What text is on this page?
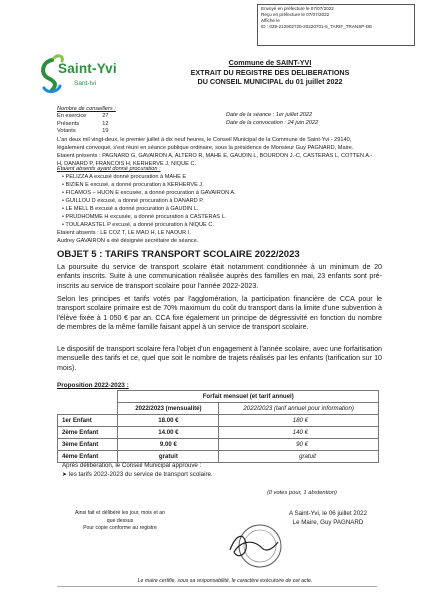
Envoyé en préfecture le 07/07/2022
Reçu en préfecture le 07/07/2022
Affiché le
ID : 029-212902720-20220701-5_TARIF_TRANSP-DE
Saint-Yvi
Sant-Ivi
Commune de SAINT-YVI
EXTRAIT DU REGISTRE DES DELIBERATIONS
DU CONSEIL MUNICIPAL du 01 juillet 2022
Nombre de conseillers :
En exercice	27
Présents	12
Votants	19
Date de la séance : 1er juillet 2022
Date de la convocation : 24 juin 2022
L'an deux mil vingt-deux, le premier juillet à dix neuf heures, le Conseil Municipal de la Commune de Saint-Yvi - 29140, légalement convoqué, s'est réuni en séance publique ordinaire, sous la présidence de Monsieur Guy PAGNARD, Maire.
Etaient présents : PAGNARD G, GAVAIRON A, ALTERO R, MAHE E, GAUDIN L, BOURDON J.-C, CASTERAS L, COTTEN A.-H, DANARD P, FRANCOIS H, KERHERVE J, NIQUE C.
Etaient absents ayant donné procuration :
• PELIZZA A excusé donné procuration à MAHE E
• BIZIEN E excusé, a donné procuration à KERHERVE J.
• FICAMOS – HUON E excusée, a donné procuration à GAVAIRON A.
• GUILLOU D excusé, a donné procuration à DANARD P.
• LE MELL B excusé a donné procuration à GAUDIN L.
• PRUDHOMME H excusée, a donné procuration à CASTERAS L.
• TOULARASTEL P excusé, a donné procuration à NIQUE C.
Etaient absents : LE COZ T, LE MAO H, LE NAOUR I.
Audrey GAVAIRON a été désignée secrétaire de séance.
OBJET 5 : TARIFS TRANSPORT SCOLAIRE 2022/2023
La poursuite du service de transport scolaire était notamment conditionnée à un minimum de 20 enfants inscrits. Suite à une communication réalisée auprès des familles en mai, 23 enfants sont pré-inscrits au service de transport scolaire pour l'année 2022-2023.
Selon les principes et tarifs votés par l'agglomération, la participation financière de CCA pour le transport scolaire primaire est de 70% maximum du coût du transport dans la limite d'une subvention à l'élève fixée à 1 050 € par an. CCA fixe également un principe de dégressivité en fonction du nombre de membres de la même famille faisant appel à un service de transport scolaire.
Le dispositif de transport scolaire fera l'objet d'un engagement à l'année scolaire, avec une forfaitisation mensuelle des tarifs et ce, quel que soit le nombre de trajets réalisés par les enfants (tarification sur 10 mois).
Proposition 2022-2023 :
	Forfait mensuel (et tarif annuel)	
	2022/2023 (mensualité)	2022/2023 (tarif annuel pour information)
1er Enfant	18.00 €	180 €
2ème Enfant	14.00 €	140 €
3ème Enfant	9.00 €	90 €
4ème Enfant	gratuit	gratuit
Après délibération, le Conseil Municipal approuve :
➤ les tarifs 2022-2023 du service de transport scolaire.
(Il votes pour, 1 abstention)
Ainsi fait et délibéré les jour, mois et an que dessus
Pour copie conforme au registre
A Saint-Yvi, le 06 juillet 2022
Le Maire, Guy PAGNARD
Le maire certifie, sous sa responsabilité, le caractère exécutoire de cet acte.
